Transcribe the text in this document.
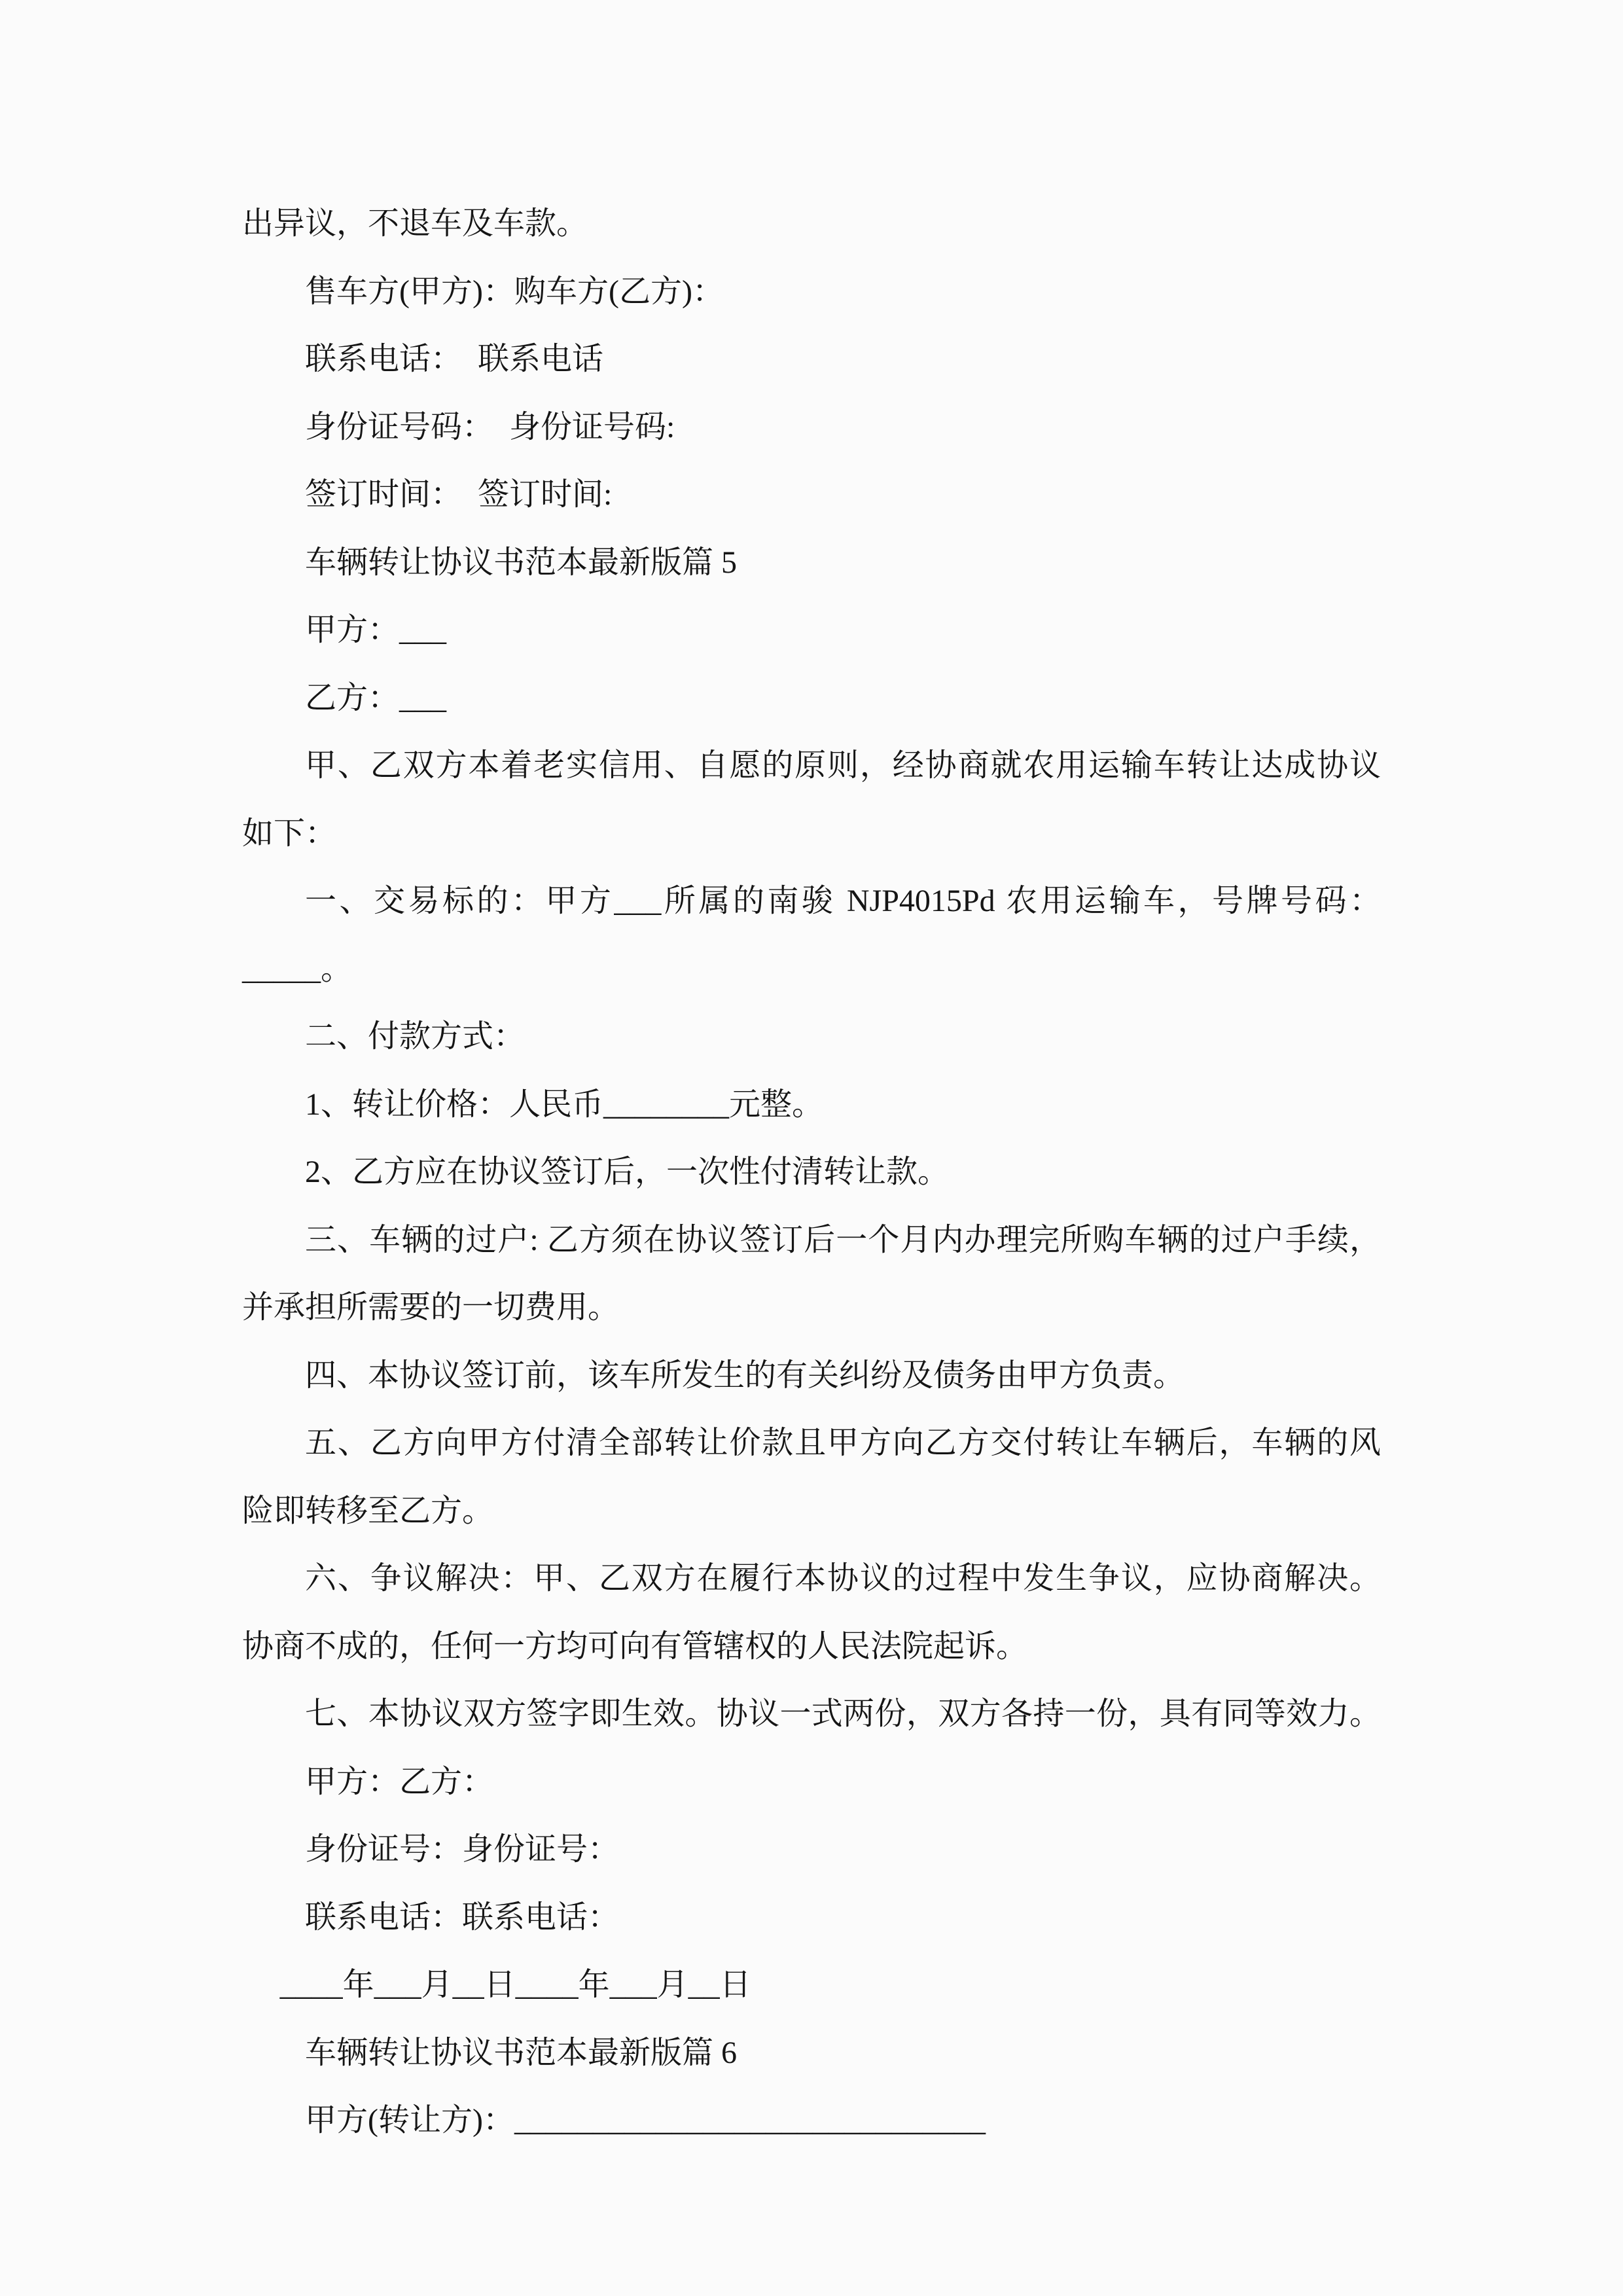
出异议，不退车及车款。
售车方(甲方)：购车方(乙方)：
联系电话：　联系电话
身份证号码：　身份证号码:
签订时间：　签订时间:
车辆转让协议书范本最新版篇 5
甲方：___
乙方：___
甲、乙双方本着老实信用、自愿的原则，经协商就农用运输车转让达成协议
如下：
一、交易标的：甲方___所属的南骏 NJP4015Pd 农用运输车，号牌号码：
_____。
二、付款方式：
1、转让价格：人民币________元整。
2、乙方应在协议签订后，一次性付清转让款。
三、车辆的过户: 乙方须在协议签订后一个月内办理完所购车辆的过户手续，
并承担所需要的一切费用。
四、本协议签订前，该车所发生的有关纠纷及债务由甲方负责。
五、乙方向甲方付清全部转让价款且甲方向乙方交付转让车辆后，车辆的风
险即转移至乙方。
六、争议解决：甲、乙双方在履行本协议的过程中发生争议，应协商解决。
协商不成的，任何一方均可向有管辖权的人民法院起诉。
七、本协议双方签字即生效。协议一式两份，双方各持一份，具有同等效力。
甲方：乙方：
身份证号：身份证号：
联系电话：联系电话：
____年___月__日____年___月__日
车辆转让协议书范本最新版篇 6
甲方(转让方)：______________________________
